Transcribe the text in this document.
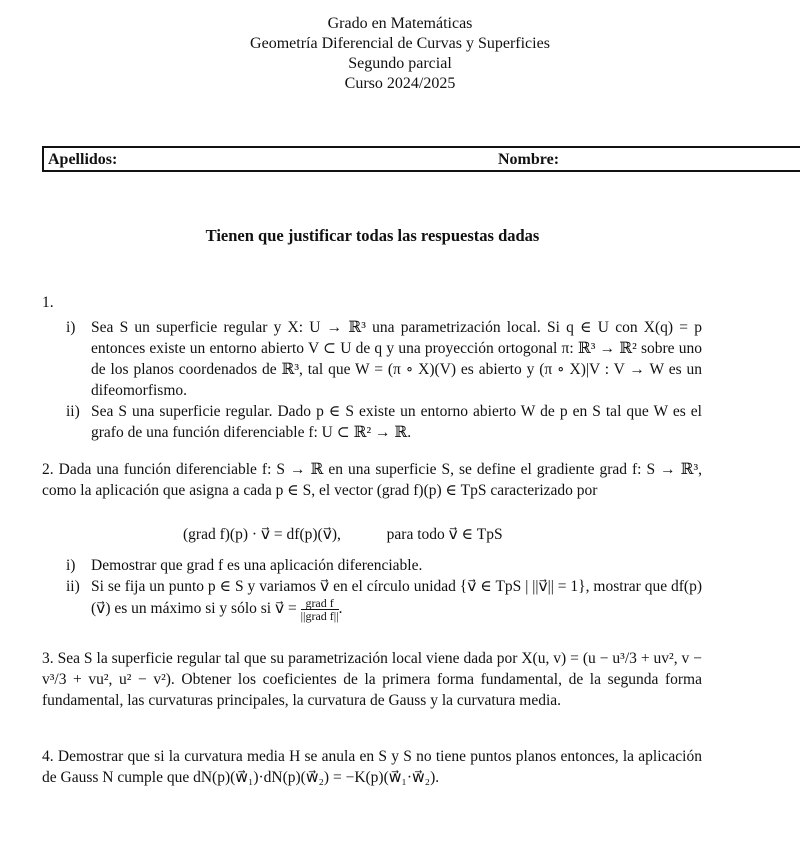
Grado en Matemáticas
Geometría Diferencial de Curvas y Superficies
Segundo parcial
Curso 2024/2025
Apellidos:	Nombre:
Tienen que justificar todas las respuestas dadas
1.
i)	Sea S un superficie regular y X: U → ℝ³ una parametrización local. Si q ∈ U con X(q) = p entonces existe un entorno abierto V ⊂ U de q y una proyección ortogonal π: ℝ³ → ℝ² sobre uno de los planos coordenados de ℝ³, tal que W = (π ∘ X)(V) es abierto y (π ∘ X)|V : V → W es un difeomorfismo.
ii) Sea S una superficie regular. Dado p ∈ S existe un entorno abierto W de p en S tal que W es el grafo de una función diferenciable f: U ⊂ ℝ² → ℝ.
2. Dada una función diferenciable f: S → ℝ en una superficie S, se define el gradiente grad f: S → ℝ³, como la aplicación que asigna a cada p ∈ S, el vector (grad f)(p) ∈ TpS caracterizado por
(grad f)(p) · v⃗ = df(p)(v⃗),	para todo v⃗ ∈ TpS
i)	Demostrar que grad f es una aplicación diferenciable.
ii) Si se fija un punto p ∈ S y variamos v⃗ en el círculo unidad {v⃗ ∈ TpS | ||v⃗|| = 1}, mostrar que df(p)(v⃗) es un máximo si y sólo si v⃗ = $\frac{\text{grad f}}{\text{||grad f||}}$ .
3. Sea S la superficie regular tal que su parametrización local viene dada por X(u, v) = (u − u³/3 + uv², v − v³/3 + vu², u² − v²). Obtener los coeficientes de la primera forma fundamental, de la segunda forma fundamental, las curvaturas principales, la curvatura de Gauss y la curvatura media.
4. Demostrar que si la curvatura media H se anula en S y S no tiene puntos planos entonces, la aplicación de Gauss N cumple que dN(p)(w⃗₁)·dN(p)(w⃗₂) = −K(p)(w⃗₁·w⃗₂).
